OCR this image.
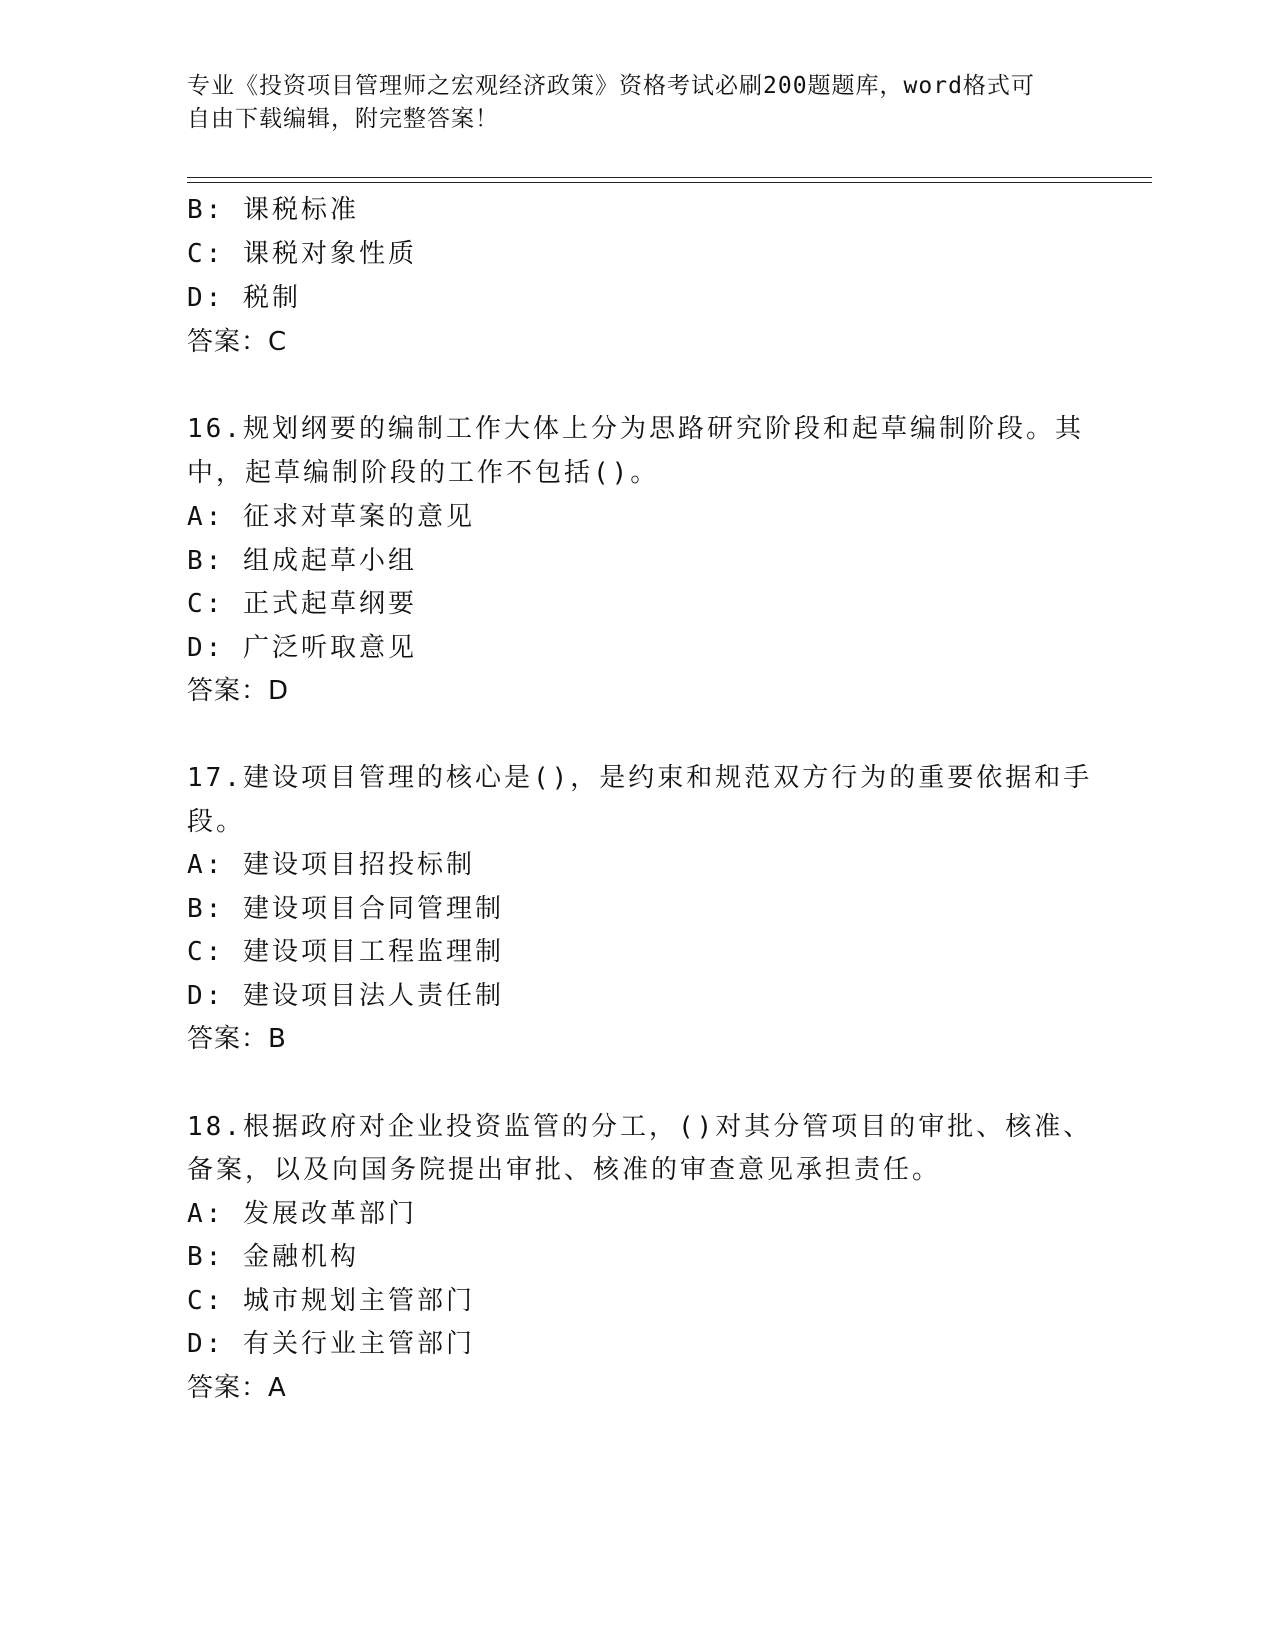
专业《投资项目管理师之宏观经济政策》资格考试必刷200题题库，word格式可
自由下载编辑，附完整答案！
B: 课税标准
C: 课税对象性质
D: 税制
答案：C
16.规划纲要的编制工作大体上分为思路研究阶段和起草编制阶段。其
中，起草编制阶段的工作不包括()。
A: 征求对草案的意见
B: 组成起草小组
C: 正式起草纲要
D: 广泛听取意见
答案：D
17.建设项目管理的核心是()，是约束和规范双方行为的重要依据和手
段。
A: 建设项目招投标制
B: 建设项目合同管理制
C: 建设项目工程监理制
D: 建设项目法人责任制
答案：B
18.根据政府对企业投资监管的分工，()对其分管项目的审批、核准、
备案，以及向国务院提出审批、核准的审查意见承担责任。
A: 发展改革部门
B: 金融机构
C: 城市规划主管部门
D: 有关行业主管部门
答案：A
